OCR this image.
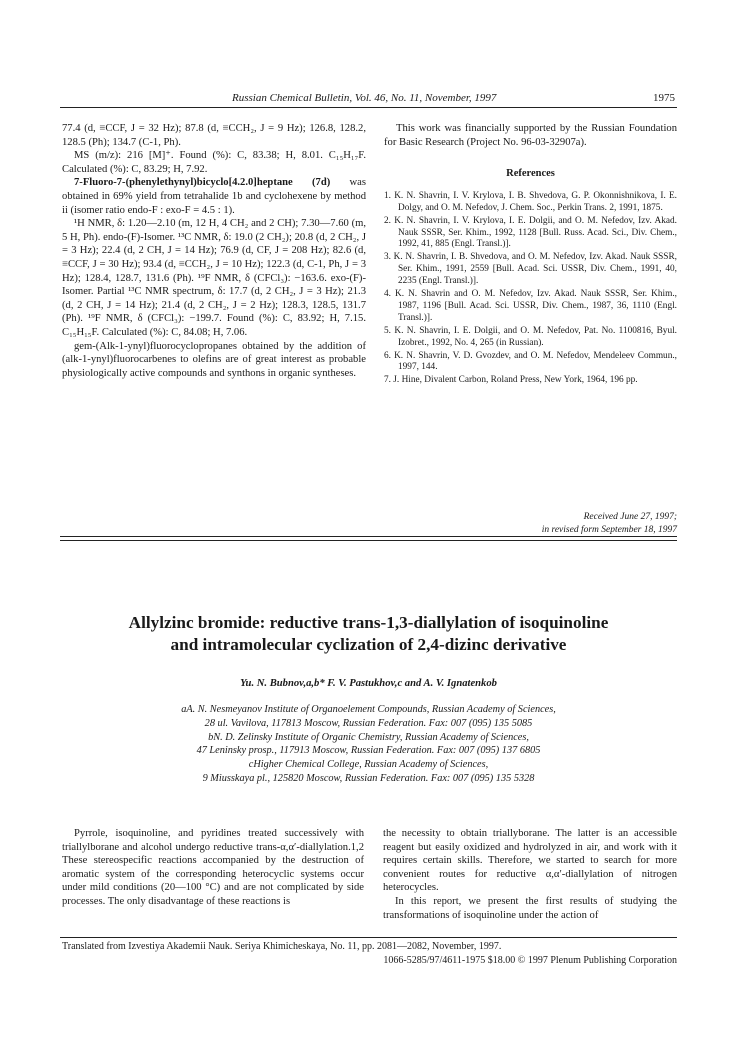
Russian Chemical Bulletin, Vol. 46, No. 11, November, 1997	1975

77.4 (d, ≡CCF, J = 32 Hz); 87.8 (d, ≡CCH₂, J = 9 Hz); 126.8, 128.2, 128.5 (Ph); 134.7 (C-1, Ph).

MS (m/z): 216 [M]⁺. Found (%): C, 83.38; H, 8.01. C₁₅H₁₇F. Calculated (%): C, 83.29; H, 7.92.

7-Fluoro-7-(phenylethynyl)bicyclo[4.2.0]heptane (7d) was obtained in 69% yield from tetrahalide 1b and cyclohexene by method ii (isomer ratio endo-F : exo-F = 4.5 : 1).

¹H NMR, δ: 1.20—2.10 (m, 12 H, 4 CH₂ and 2 CH); 7.30—7.60 (m, 5 H, Ph). endo-(F)-Isomer. ¹³C NMR, δ: 19.0 (2 CH₂); 20.8 (d, 2 CH₂, J = 3 Hz); 22.4 (d, 2 CH, J = 14 Hz); 76.9 (d, CF, J = 208 Hz); 82.6 (d, ≡CCF, J = 30 Hz); 93.4 (d, ≡CCH₂, J = 10 Hz); 122.3 (d, C-1, Ph, J = 3 Hz); 128.4, 128.7, 131.6 (Ph). ¹⁹F NMR, δ (CFCl₃): −163.6. exo-(F)-Isomer. Partial ¹³C NMR spectrum, δ: 17.7 (d, 2 CH₂, J = 3 Hz); 21.3 (d, 2 CH, J = 14 Hz); 21.4 (d, 2 CH₂, J = 2 Hz); 128.3, 128.5, 131.7 (Ph). ¹⁹F NMR, δ (CFCl₃): −199.7. Found (%): C, 83.92; H, 7.15. C₁₅H₁₅F. Calculated (%): C, 84.08; H, 7.06.

gem-(Alk-1-ynyl)fluorocyclopropanes obtained by the addition of (alk-1-ynyl)fluorocarbenes to olefins are of great interest as probable physiologically active compounds and synthons in organic syntheses.

This work was financially supported by the Russian Foundation for Basic Research (Project No. 96-03-32907a).

References

1. K. N. Shavrin, I. V. Krylova, I. B. Shvedova, G. P. Okonnishnikova, I. E. Dolgy, and O. M. Nefedov, J. Chem. Soc., Perkin Trans. 2, 1991, 1875.

2. K. N. Shavrin, I. V. Krylova, I. E. Dolgii, and O. M. Nefedov, Izv. Akad. Nauk SSSR, Ser. Khim., 1992, 1128 [Bull. Russ. Acad. Sci., Div. Chem., 1992, 41, 885 (Engl. Transl.)].

3. K. N. Shavrin, I. B. Shvedova, and O. M. Nefedov, Izv. Akad. Nauk SSSR, Ser. Khim., 1991, 2559 [Bull. Acad. Sci. USSR, Div. Chem., 1991, 40, 2235 (Engl. Transl.)].

4. K. N. Shavrin and O. M. Nefedov, Izv. Akad. Nauk SSSR, Ser. Khim., 1987, 1196 [Bull. Acad. Sci. USSR, Div. Chem., 1987, 36, 1110 (Engl. Transl.)].

5. K. N. Shavrin, I. E. Dolgii, and O. M. Nefedov, Pat. No. 1100816, Byul. Izobret., 1992, No. 4, 265 (in Russian).

6. K. N. Shavrin, V. D. Gvozdev, and O. M. Nefedov, Mendeleev Commun., 1997, 144.

7. J. Hine, Divalent Carbon, Roland Press, New York, 1964, 196 pp.

Received June 27, 1997;
in revised form September 18, 1997
Allylzinc bromide: reductive trans-1,3-diallylation of isoquinoline
and intramolecular cyclization of 2,4-dizinc derivative
Yu. N. Bubnov,a,b* F. V. Pastukhov,c and A. V. Ignatenkob
aA. N. Nesmeyanov Institute of Organoelement Compounds, Russian Academy of Sciences,
28 ul. Vavilova, 117813 Moscow, Russian Federation. Fax: 007 (095) 135 5085
bN. D. Zelinsky Institute of Organic Chemistry, Russian Academy of Sciences,
47 Leninsky prosp., 117913 Moscow, Russian Federation. Fax: 007 (095) 137 6805
cHigher Chemical College, Russian Academy of Sciences,
9 Miusskaya pl., 125820 Moscow, Russian Federation. Fax: 007 (095) 135 5328

Pyrrole, isoquinoline, and pyridines treated successively with triallylborane and alcohol undergo reductive trans-α,α′-diallylation.1,2 These stereospecific reactions accompanied by the destruction of aromatic system of the corresponding heterocyclic systems occur under mild conditions (20—100 °C) and are not complicated by side processes. The only disadvantage of these reactions is

the necessity to obtain triallyborane. The latter is an accessible reagent but easily oxidized and hydrolyzed in air, and work with it requires certain skills. Therefore, we started to search for more convenient routes for reductive α,α′-diallylation of nitrogen heterocycles.

In this report, we present the first results of studying the transformations of isoquinoline under the action of

Translated from Izvestiya Akademii Nauk. Seriya Khimicheskaya, No. 11, pp. 2081—2082, November, 1997.
1066-5285/97/4611-1975 $18.00 © 1997 Plenum Publishing Corporation
